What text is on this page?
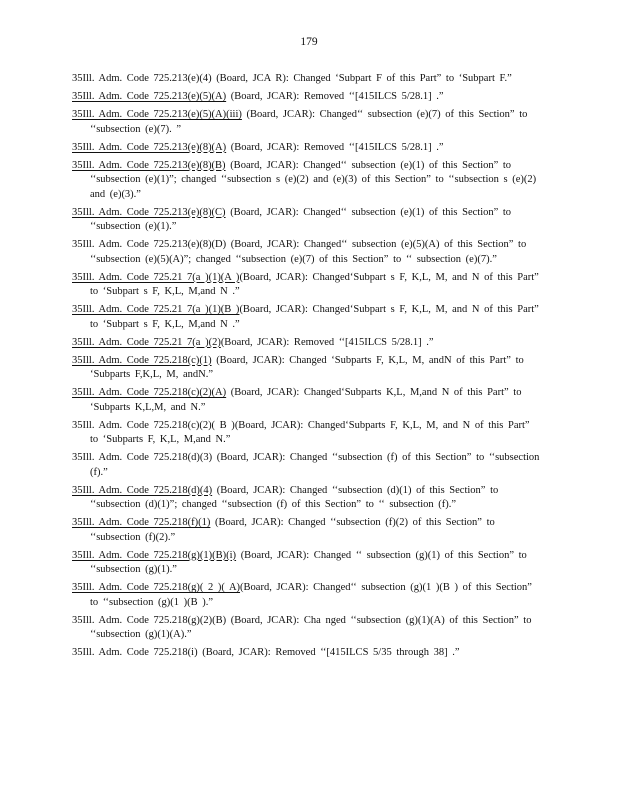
179
35Ill. Adm. Code 725.213(e)(4) (Board, JCA R): Changed ‘Subpart F of this Part” to ‘Subpart F.”
35Ill. Adm. Code 725.213(e)(5)(A) (Board, JCAR): Removed ‘‘[415ILCS 5/28.1] .”
35Ill. Adm. Code 725.213(e)(5)(A)(iii) (Board, JCAR): Changed‘‘ subsection (e)(7) of this Section” to ‘‘subsection (e)(7). ”
35Ill. Adm. Code 725.213(e)(8)(A) (Board, JCAR): Removed ‘‘[415ILCS 5/28.1] .”
35Ill. Adm. Code 725.213(e)(8)(B) (Board, JCAR): Changed‘‘ subsection (e)(1) of this Section” to ‘‘subsection (e)(1)”; changed ‘‘subsection s (e)(2) and (e)(3) of this Section” to ‘‘subsection s (e)(2) and (e)(3).”
35Ill. Adm. Code 725.213(e)(8)(C) (Board, JCAR): Changed‘‘ subsection (e)(1) of this Section” to ‘‘subsection (e)(1).”
35Ill. Adm. Code 725.213(e)(8)(D) (Board, JCAR): Changed‘‘ subsection (e)(5)(A) of this Section” to ‘‘subsection (e)(5)(A)”; changed ‘‘subsection (e)(7) of this Section” to ‘‘ subsection (e)(7).”
35Ill. Adm. Code 725.21 7(a )(1)(A )(Board, JCAR): Changed‘Subpart s F, K,L, M, and N of this Part” to ‘Subpart s F, K,L, M,and N .”
35Ill. Adm. Code 725.21 7(a )(1)(B )(Board, JCAR): Changed‘Subpart s F, K,L, M, and N of this Part” to ‘Subpart s F, K,L, M,and N .”
35Ill. Adm. Code 725.21 7(a )(2)(Board, JCAR): Removed ‘‘[415ILCS 5/28.1] .”
35Ill. Adm. Code 725.218(c)(1) (Board, JCAR): Changed ‘Subparts F, K,L, M, andN of this Part” to ‘Subparts F,K,L, M, andN.”
35Ill. Adm. Code 725.218(c)(2)(A) (Board, JCAR): Changed‘Subparts K,L, M,and N of this Part” to ‘Subparts K,L,M, and N.”
35Ill. Adm. Code 725.218(c)(2)( B )(Board, JCAR): Changed‘Subparts F, K,L, M, and N of this Part” to ‘Subparts F, K,L, M,and N.”
35Ill. Adm. Code 725.218(d)(3) (Board, JCAR): Changed ‘‘subsection (f) of this Section” to ‘‘subsection (f).”
35Ill. Adm. Code 725.218(d)(4) (Board, JCAR): Changed ‘‘subsection (d)(1) of this Section” to ‘‘subsection (d)(1)”; changed ‘‘subsection (f) of this Section” to ‘‘ subsection (f).”
35Ill. Adm. Code 725.218(f)(1) (Board, JCAR): Changed ‘‘subsection (f)(2) of this Section” to ‘‘subsection (f)(2).”
35Ill. Adm. Code 725.218(g)(1)(B)(i) (Board, JCAR): Changed ‘‘ subsection (g)(1) of this Section” to ‘‘subsection (g)(1).”
35Ill. Adm. Code 725.218(g)( 2 )( A)(Board, JCAR): Changed‘‘ subsection (g)(1 )(B ) of this Section” to ‘‘subsection (g)(1 )(B ).”
35Ill. Adm. Code 725.218(g)(2)(B) (Board, JCAR): Cha nged ‘‘subsection (g)(1)(A) of this Section” to ‘‘subsection (g)(1)(A).”
35Ill. Adm. Code 725.218(i) (Board, JCAR): Removed ‘‘[415ILCS 5/35 through 38] .”
